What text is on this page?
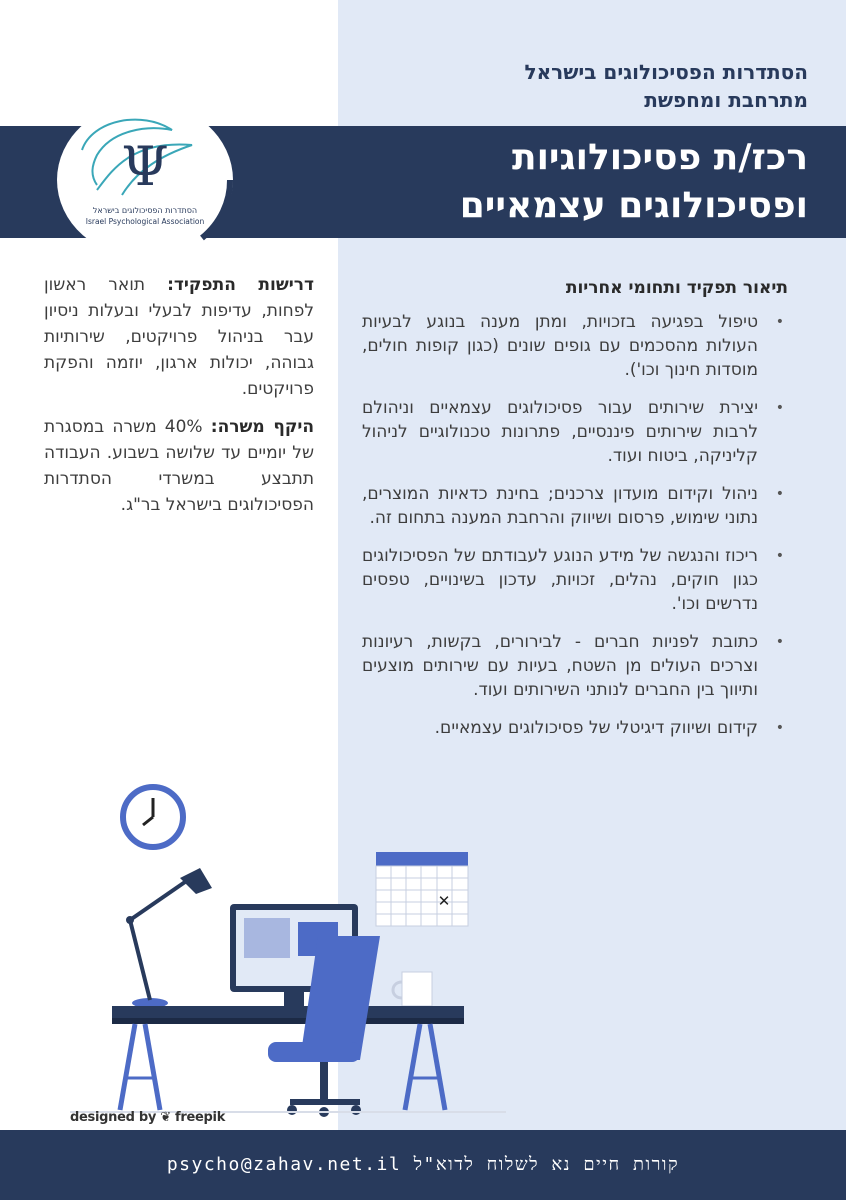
הסתדרות הפסיכולוגים בישראל
מתרחבת ומחפשת
רכז/ת פסיכולוגיות
ופסיכולוגים עצמאיים
Ψ
הסתדרות הפסיכולוגים בישראל
Israel Psychological Association

דרישות התפקיד: תואר ראשון לפחות, עדיפות לבעלי ובעלות ניסיון עבר בניהול פרויקטים, שירותיות גבוהה, יכולות ארגון, יוזמה והפקת פרויקטים.

היקף משרה: 40% משרה במסגרת של יומיים עד שלושה בשבוע. העבודה תתבצע במשרדי הסתדרות הפסיכולוגים בישראל בר"ג.

תיאור תפקיד ותחומי אחריות
•
טיפול בפגיעה בזכויות, ומתן מענה בנוגע לבעיות העולות מהסכמים עם גופים שונים (כגון קופות חולים, מוסדות חינוך וכו').
•
יצירת שירותים עבור פסיכולוגים עצמאיים וניהולם לרבות שירותים פיננסיים, פתרונות טכנולוגיים לניהול קליניקה, ביטוח ועוד.
•
ניהול וקידום מועדון צרכנים; בחינת כדאיות המוצרים, נתוני שימוש, פרסום ושיווק והרחבת המענה בתחום זה.
•
ריכוז והנגשה של מידע הנוגע לעבודתם של הפסיכולוגים כגון חוקים, נהלים, זכויות, עדכון בשינויים, טפסים נדרשים וכו'.
•
כתובת לפניות חברים - לבירורים, בקשות, רעיונות וצרכים העולים מן השטח, בעיות עם שירותים מוצעים ותיווך בין החברים לנותני השירותים ועוד.
•
קידום ושיווק דיגיטלי של פסיכולוגים עצמאיים.
✕
designed by ❦ freepik
קורות חיים נא לשלוח לדוא"ל psycho@zahav.net.il
